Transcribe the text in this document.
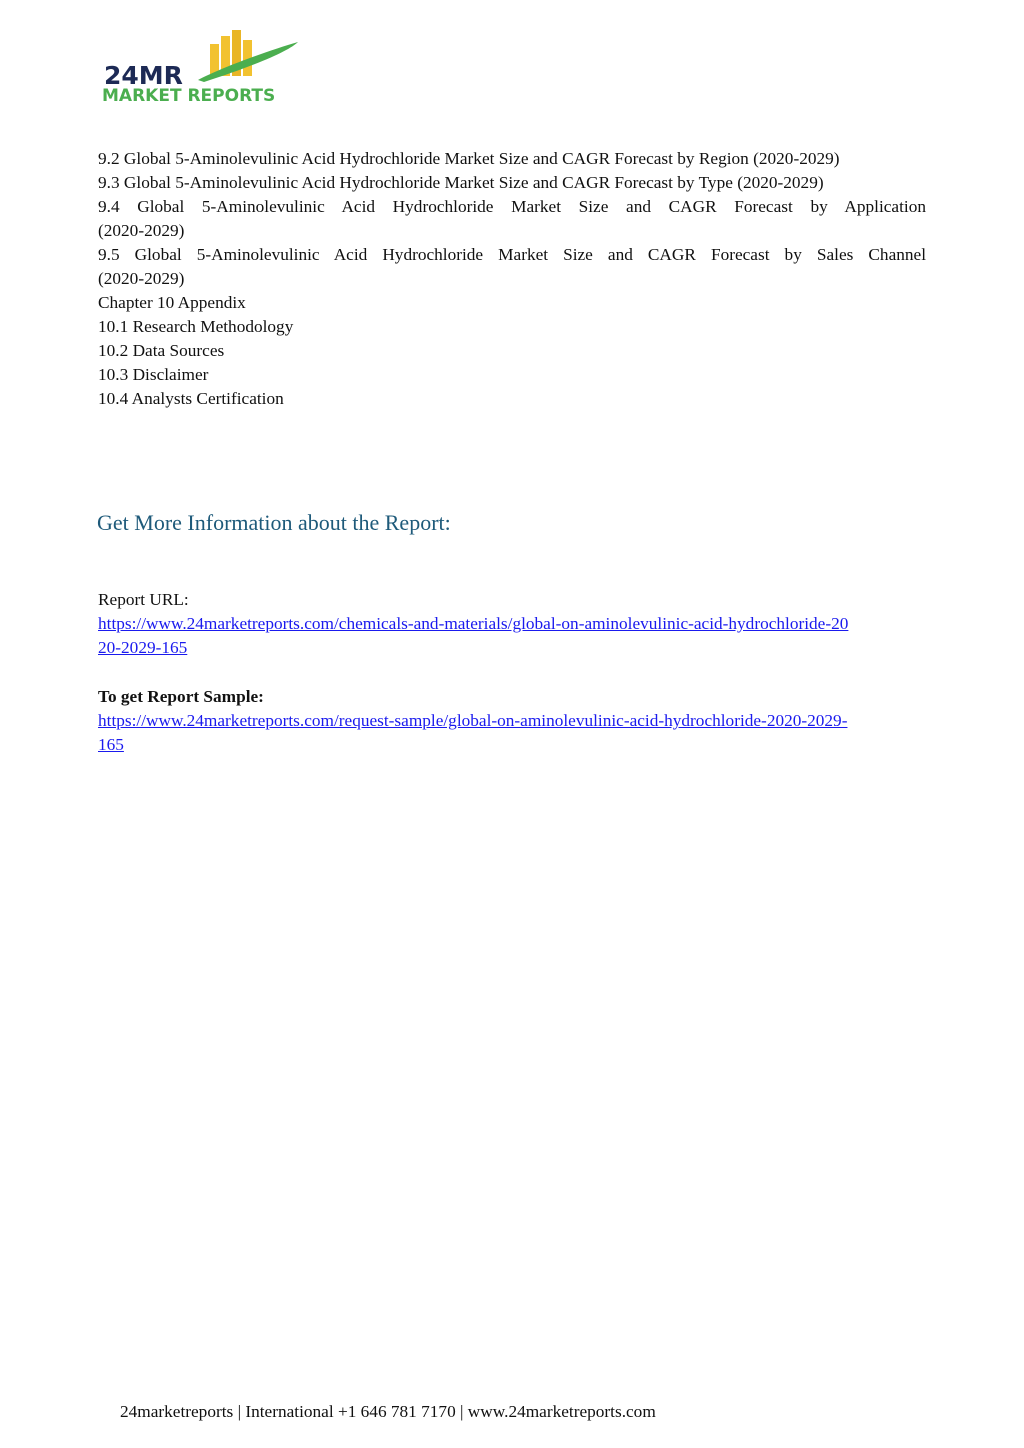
24MR
MARKET REPORTS
9.2 Global 5-Aminolevulinic Acid Hydrochloride Market Size and CAGR Forecast by Region (2020-2029)
9.3 Global 5-Aminolevulinic Acid Hydrochloride Market Size and CAGR Forecast by Type (2020-2029)
9.4 Global 5-Aminolevulinic Acid Hydrochloride Market Size and CAGR Forecast by Application
(2020-2029)
9.5 Global 5-Aminolevulinic Acid Hydrochloride Market Size and CAGR Forecast by Sales Channel
(2020-2029)
Chapter 10 Appendix
10.1 Research Methodology
10.2 Data Sources
10.3 Disclaimer
10.4 Analysts Certification
Get More Information about the Report:
Report URL:
https://www.24marketreports.com/chemicals-and-materials/global-on-aminolevulinic-acid-hydrochloride-20
20-2029-165
To get Report Sample:
https://www.24marketreports.com/request-sample/global-on-aminolevulinic-acid-hydrochloride-2020-2029-
165
24marketreports | International +1 646 781 7170 | www.24marketreports.com
